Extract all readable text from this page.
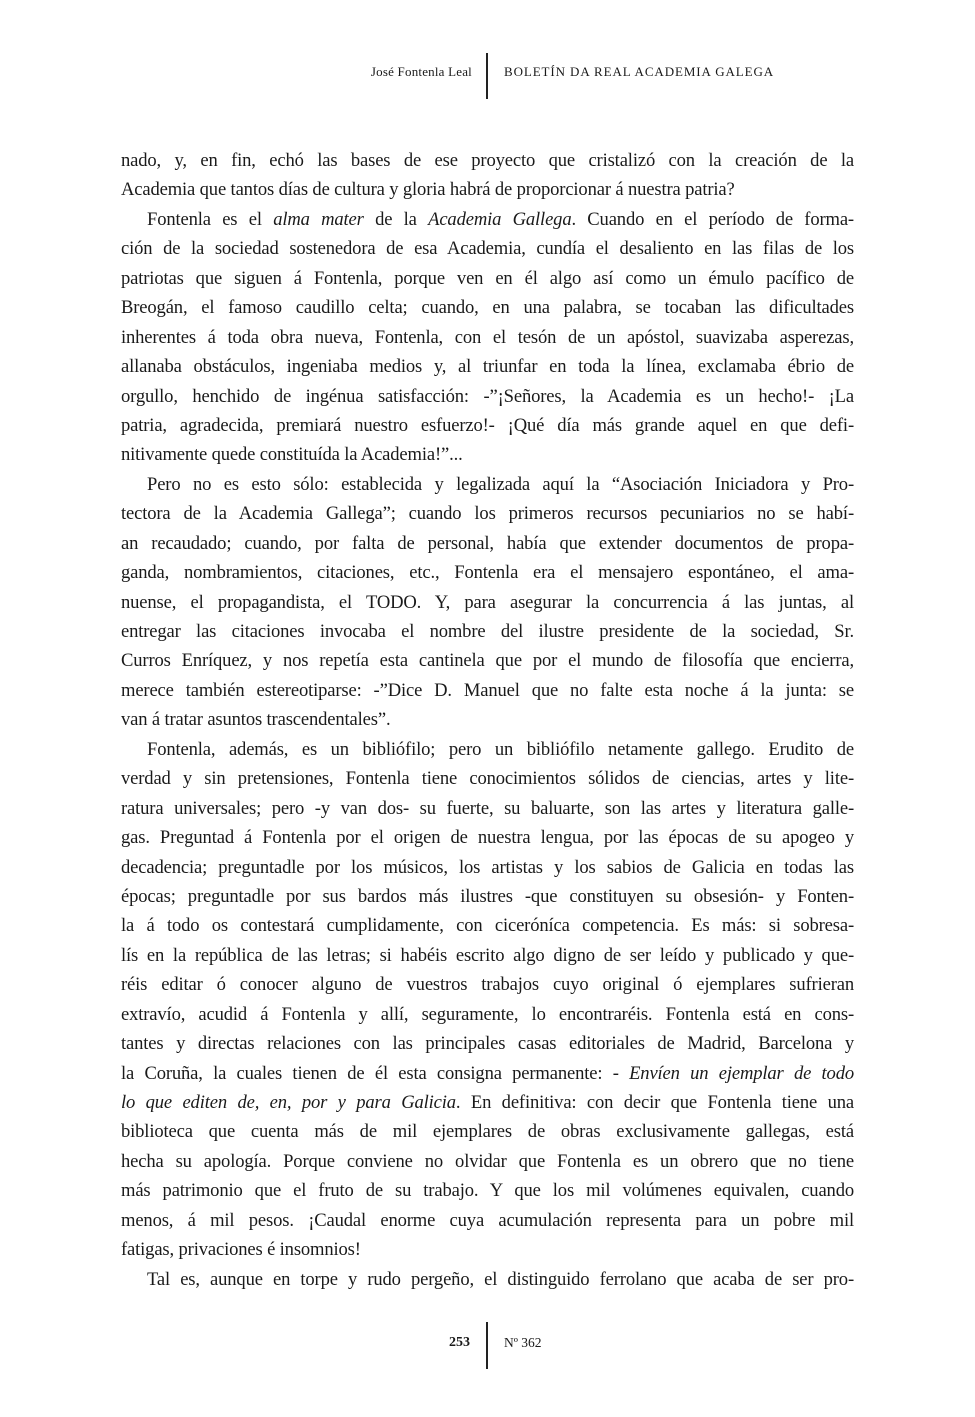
José Fontenla Leal BOLETÍN DA REAL ACADEMIA GALEGA

nado, y, en fin, echó las bases de ese proyecto que cristalizó con la creación de la
Academia que tantos días de cultura y gloria habrá de proporcionar á nuestra patria?

Fontenla es el alma mater de la Academia Gallega. Cuando en el período de forma-
ción de la sociedad sostenedora de esa Academia, cundía el desaliento en las filas de los
patriotas que siguen á Fontenla, porque ven en él algo así como un émulo pacífico de
Breogán, el famoso caudillo celta; cuando, en una palabra, se tocaban las dificultades
inherentes á toda obra nueva, Fontenla, con el tesón de un apóstol, suavizaba asperezas,
allanaba obstáculos, ingeniaba medios y, al triunfar en toda la línea, exclamaba ébrio de
orgullo, henchido de ingénua satisfacción: -”¡Señores, la Academia es un hecho!- ¡La
patria, agradecida, premiará nuestro esfuerzo!- ¡Qué día más grande aquel en que defi-
nitivamente quede constituída la Academia!”...

Pero no es esto sólo: establecida y legalizada aquí la “Asociación Iniciadora y Pro-
tectora de la Academia Gallega”; cuando los primeros recursos pecuniarios no se habí-
an recaudado; cuando, por falta de personal, había que extender documentos de propa-
ganda, nombramientos, citaciones, etc., Fontenla era el mensajero espontáneo, el ama-
nuense, el propagandista, el TODO. Y, para asegurar la concurrencia á las juntas, al
entregar las citaciones invocaba el nombre del ilustre presidente de la sociedad, Sr.
Curros Enríquez, y nos repetía esta cantinela que por el mundo de filosofía que encierra,
merece también estereotiparse: -”Dice D. Manuel que no falte esta noche á la junta: se
van á tratar asuntos trascendentales”.

Fontenla, además, es un bibliófilo; pero un bibliófilo netamente gallego. Erudito de
verdad y sin pretensiones, Fontenla tiene conocimientos sólidos de ciencias, artes y lite-
ratura universales; pero -y van dos- su fuerte, su baluarte, son las artes y literatura galle-
gas. Preguntad á Fontenla por el origen de nuestra lengua, por las épocas de su apogeo y
decadencia; preguntadle por los músicos, los artistas y los sabios de Galicia en todas las
épocas; preguntadle por sus bardos más ilustres -que constituyen su obsesión- y Fonten-
la á todo os contestará cumplidamente, con ciceróníca competencia. Es más: si sobresa-
lís en la república de las letras; si habéis escrito algo digno de ser leído y publicado y que-
réis editar ó conocer alguno de vuestros trabajos cuyo original ó ejemplares sufrieran
extravío, acudid á Fontenla y allí, seguramente, lo encontraréis. Fontenla está en cons-
tantes y directas relaciones con las principales casas editoriales de Madrid, Barcelona y
la Coruña, la cuales tienen de él esta consigna permanente: - Envíen un ejemplar de todo
lo que editen de, en, por y para Galicia. En definitiva: con decir que Fontenla tiene una
biblioteca que cuenta más de mil ejemplares de obras exclusivamente gallegas, está
hecha su apología. Porque conviene no olvidar que Fontenla es un obrero que no tiene
más patrimonio que el fruto de su trabajo. Y que los mil volúmenes equivalen, cuando
menos, á mil pesos. ¡Caudal enorme cuya acumulación representa para un pobre mil
fatigas, privaciones é insomnios!

Tal es, aunque en torpe y rudo pergeño, el distinguido ferrolano que acaba de ser pro-

253	Nº 362
